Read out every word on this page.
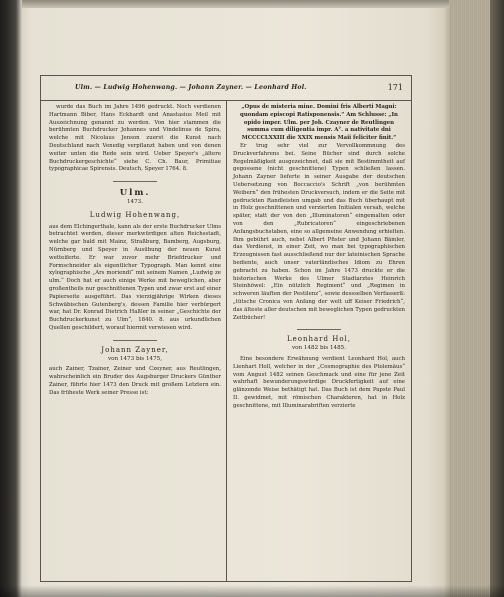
Ulm. — Ludwig Hohenwang. — Johann Zayner. — Leonhard Hol.	171

wurde das Buch im Jahre 1496 gedruckt. Noch verdienen Hartmann Biber, Hans Eckhardt und Anastasius Meil mit Auszeichnung genannt zu werden. Von hier stammen die berühmten Buchdrucker Johannes und Vindelinus de Spira, welche mit Nicolaus Jenson zuerst die Kunst nach Deutschland nach Venedig verpflanzt haben und von denen weiter unten die Rede sein wird. Ueber Speyer's „ältere Buchdruckergeschichte“ siehe C. Ch. Baur, Primitiae typographicae Spirensis. Deutsch, Speyer 1764. 8.

Ulm.
1473.
Ludwig Hohenwang,

aus dem Elchingerthale, kann als der erste Buchdrucker Ulms betrachtet werden, dieser merkwürdigen alten Reichsstadt, welche gar bald mit Mainz, Straßburg, Bamberg, Augsburg, Nürnberg und Speyer in Ausübung der neuen Kunst wetteiferte. Er war zuvor mehr Briefdrucker und Formschneider als eigentlicher Typograph. Man kennt eine xylographische „Ars moriendi“ mit seinem Namen „Ludwig ze ulm.“ Doch hat er auch einige Werke mit beweglichen, aber großentheils nur geschnittenen Typen und zwar erst auf einer Papierseite ausgeführt. Das vierzigjährige Wirken dieses Schwäbischen Gutenberg's, dessen Familie hier verbürgert war, hat Dr. Konrad Dietrich Haßler in seiner „Geschichte der Buchdruckerkunst zu Ulm“, 1840. 8. aus urkundlichen Quellen geschildert, worauf hiermit verwiesen wird.

Johann Zayner,
von 1473 bis 1475,

auch Zainer, Tzainer, Zeiner und Czeyner, aus Reutlingen, wahrscheinlich ein Bruder des Augsburger Druckers Günther Zainer, führte hier 1473 den Druck mit großem Letztern ein. Das früheste Werk seiner Presse ist:

„Opus de misteria mine. Domini fris Alberti Magni: quondam episcopi Ratisponensis.“ Am Schlusse: „In opido imper. Ulm. per Joh. Czayner de Reutlingen summa cum diligentia impr. A°. a nativitate dni MCCCCLXXIII die XXIX mensis Maii feliciter finit.“

Er trug sehr viel zur Vervollkommnung des Druckverfahrens bei. Seine Bücher sind durch solche Regelmäßigkeit ausgezeichnet, daß sie mit Bestimmtheit auf gegossene (nicht geschnittene) Typen schließen lassen. Johann Zayner lieferte in seiner Ausgabe der deutschen Uebersetzung von Boccaccio's Schrift „von berühmten Weibern“ den frühesten Druckversuch, indem er die Seite mit gedruckten Randleisten umgab und das Buch überhaupt mit in Holz geschnittenen und verzierten Initialen versah, welche später, statt der von den „Illuminatoren“ eingemalten oder von den „Rubricatoren“ eingeschriebenen Anfangsbuchstaben, eine so allgemeine Anwendung erhielten. Ihm gebührt auch, nebst Albert Pfister und Johann Bämler, das Verdienst, in einer Zeit, wo man bei typographischen Erzeugnissen fast ausschließend nur der lateinischen Sprache bediente, auch unser vaterländisches Idiom zu Ehren gebracht zu haben. Schon im Jahre 1473 druckte er die historischen Werke des Ulmer Stadtarztes Heinrich Steinhöwel: „Ein nützlich Regiment“ und „Regimen in schweren läuften der Pestilenz“, sowie dessselben Verfasserß: „tütsche Cronica von Anfang der welt uff Keiser Friedrich“, das älteste aller deutschen mit beweglichen Typen gedruckten Zeitbücher!

Leonhard Hol,
von 1482 bis 1485.

Eine besondere Erwähnung verdient Leonhard Hol, auch Lienhart Holl, welcher in der „Cosmographie des Ptolemäus“ vom Angust 1482 seinen Geschmack und eine für jene Zeit wahrhaft bewunderungswürdige Druckfertigkeit auf eine glänzende Weise bethätigt hat. Das Buch ist dem Papste Paul II. gewidmet, mit römischen Charakteren, hat in Holz geschnittene, mit Illuminarabriften verzierte
